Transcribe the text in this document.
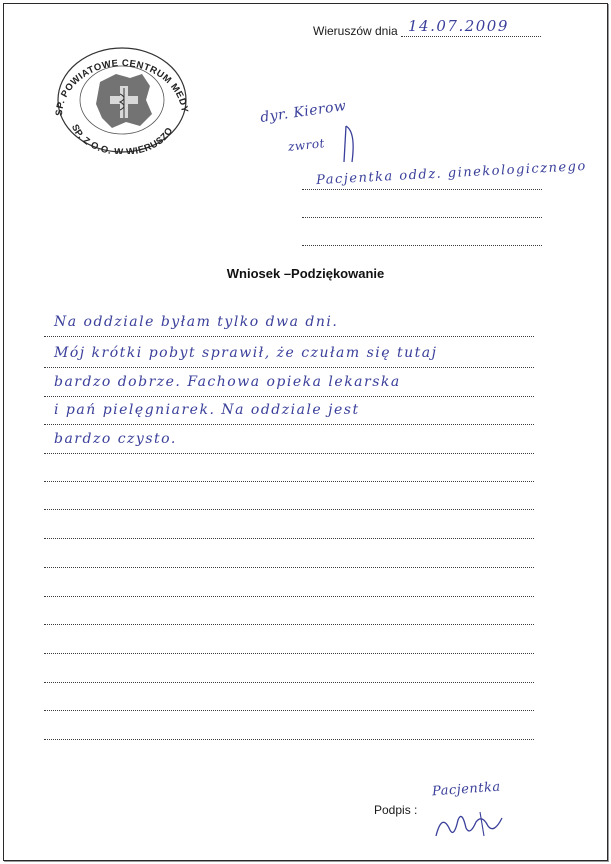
Wieruszów dnia 14.07.2009
SP. POWIATOWE CENTRUM MEDY
SP. Z O.O. W WIERUSZO
dyr. Kierow
zwrot
Pacjentka oddz. ginekologicznego
Wniosek –Podziękowanie
Na oddziale byłam tylko dwa dni.
Mój krótki pobyt sprawił, że czułam się tutaj
bardzo dobrze. Fachowa opieka lekarska
i pań pielęgniarek. Na oddziale jest
bardzo czysto.
Podpis :
Pacjentka
